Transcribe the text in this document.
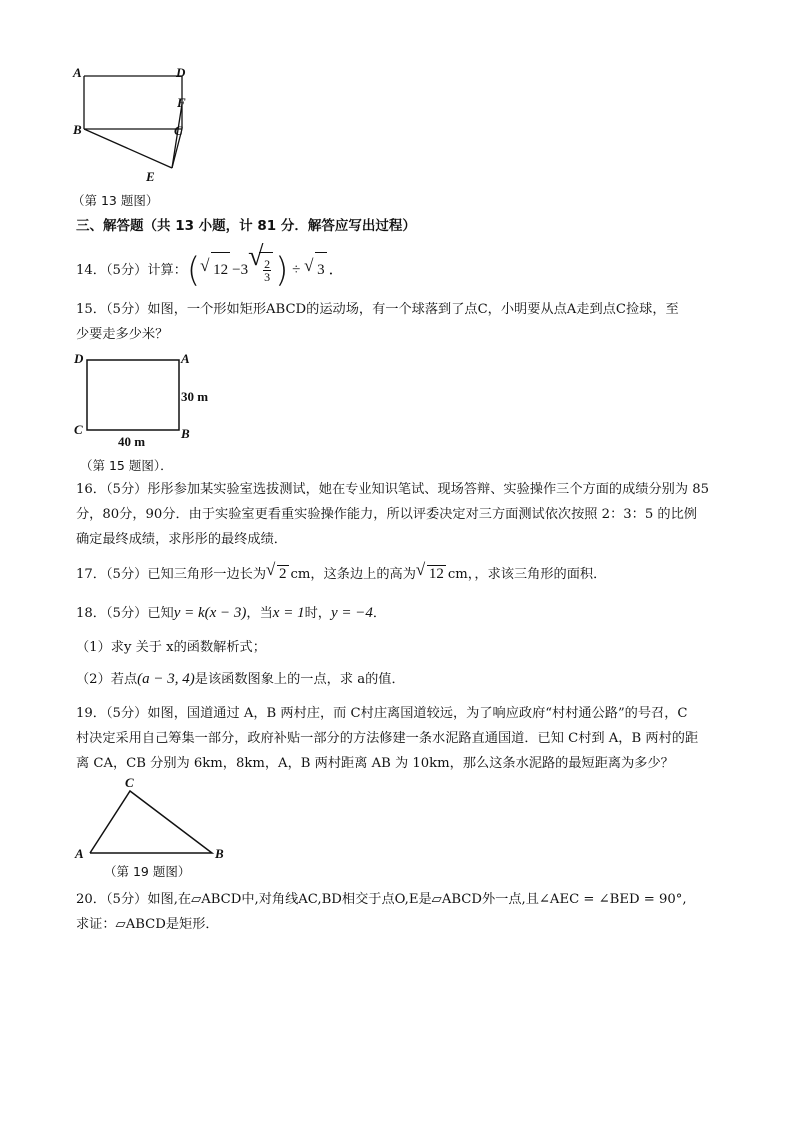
A	D
F
B	C
E
（第 13 题图）
三、解答题（共 13 小题，计 81 分．解答应写出过程）
14．（5分）计算：( √ 12 −3 √ $\frac{2}{3}$ ) ÷ √ 3 ．
15．（5分）如图，一个形如矩形ABCD的运动场，有一个球落到了点C，小明要从点A走到点C捡球，至
少要走多少米？
D	A
30 m
C	B
40 m
（第 15 题图）．
16．（5分）彤彤参加某实验室选拔测试，她在专业知识笔试、现场答辩、实验操作三个方面的成绩分别为 85
分，80分，90分．由于实验室更看重实验操作能力，所以评委决定对三方面测试依次按照 2：3：5 的比例
确定最终成绩，求彤彤的最终成绩．
17．（5分）已知三角形一边长为 √ 2 cm，这条边上的高为 √ 12 cm，，求该三角形的面积．
18．（5分）已知y = k(x − 3)，当x = 1时，y = −4．
（1）求y 关于 x的函数解析式；
（2）若点(a − 3, 4)是该函数图象上的一点，求 a的值．
19．（5分）如图，国道通过 A，B 两村庄，而 C村庄离国道较远，为了响应政府“村村通公路”的号召，C
村决定采用自己筹集一部分，政府补贴一部分的方法修建一条水泥路直通国道．已知 C村到 A，B 两村的距
离 CA，CB 分别为 6km，8km，A，B 两村距离 AB 为 10km，那么这条水泥路的最短距离为多少？
C
A	B
（第 19 题图）
20．（5分）如图,在▱ABCD中,对角线AC,BD相交于点O,E是▱ABCD外一点,且∠AEC = ∠BED = 90°,
求证：▱ABCD是矩形．
